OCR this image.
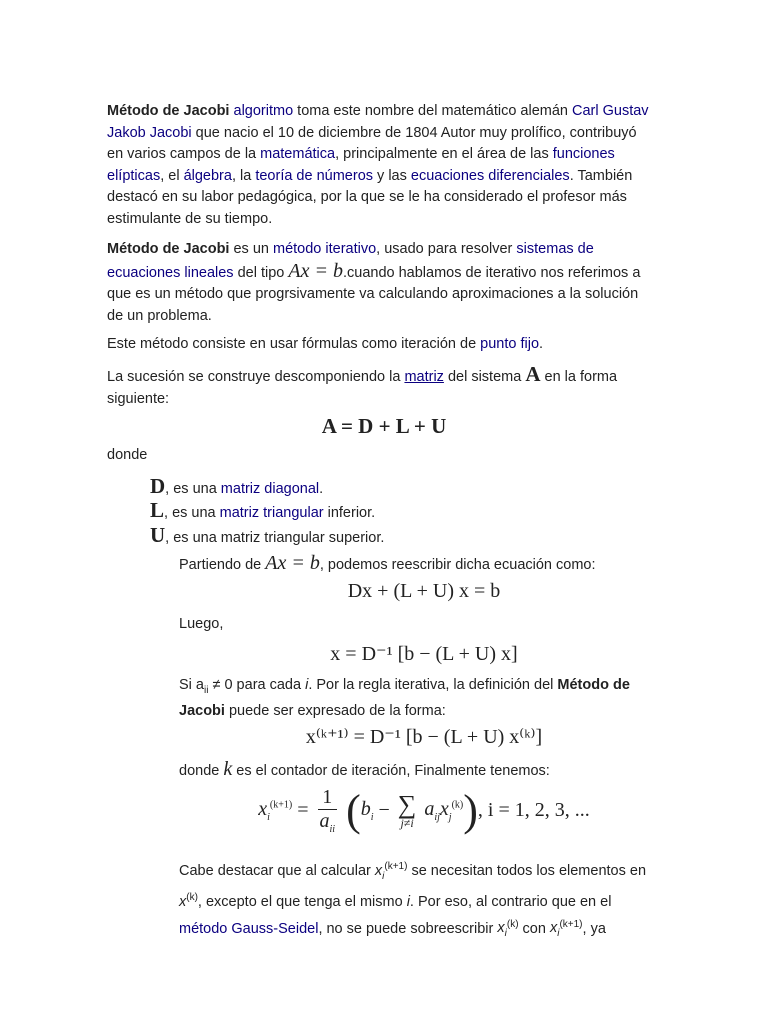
Método de Jacobi algoritmo toma este nombre del matemático alemán Carl Gustav Jakob Jacobi que nacio el 10 de diciembre de 1804 Autor muy prolífico, contribuyó en varios campos de la matemática, principalmente en el área de las funciones elípticas, el álgebra, la teoría de números y las ecuaciones diferenciales. También destacó en su labor pedagógica, por la que se le ha considerado el profesor más estimulante de su tiempo.

Método de Jacobi es un método iterativo, usado para resolver sistemas de ecuaciones lineales del tipo Ax = b.cuando hablamos de iterativo nos referimos a que es un método que progrsivamente va calculando aproximaciones a la solución de un problema.

Este método consiste en usar fórmulas como iteración de punto fijo.

La sucesión se construye descomponiendo la matriz del sistema A en la forma siguiente:

A = D + L + U

donde

D, es una matriz diagonal.
L, es una matriz triangular inferior.
U, es una matriz triangular superior.

Partiendo de Ax = b, podemos reescribir dicha ecuación como:

Dx + (L + U) x = b

Luego,

x = D⁻¹ [b − (L + U) x]

Si $a_{ii} \ne 0$ para cada i. Por la regla iterativa, la definición del Método de Jacobi puede ser expresado de la forma:

x⁽ᵏ⁺¹⁾ = D⁻¹ [b − (L + U) x⁽ᵏ⁾]

donde k es el contador de iteración, Finalmente tenemos:

$x_i^{(k+1)} = \frac{1}{a_{ii}} (b_i$ − ∑
j≠i
$a_{ij}x_j^{(k)}$), i = 1, 2, 3, ...

Cabe destacar que al calcular $x_i^{(k+1)}$ se necesitan todos los elementos en $x^{(k)}$, excepto el que tenga el mismo i. Por eso, al contrario que en el método Gauss-Seidel, no se puede sobreescribir $x_i^{(k)}$ con $x_i^{(k+1)}$, ya
